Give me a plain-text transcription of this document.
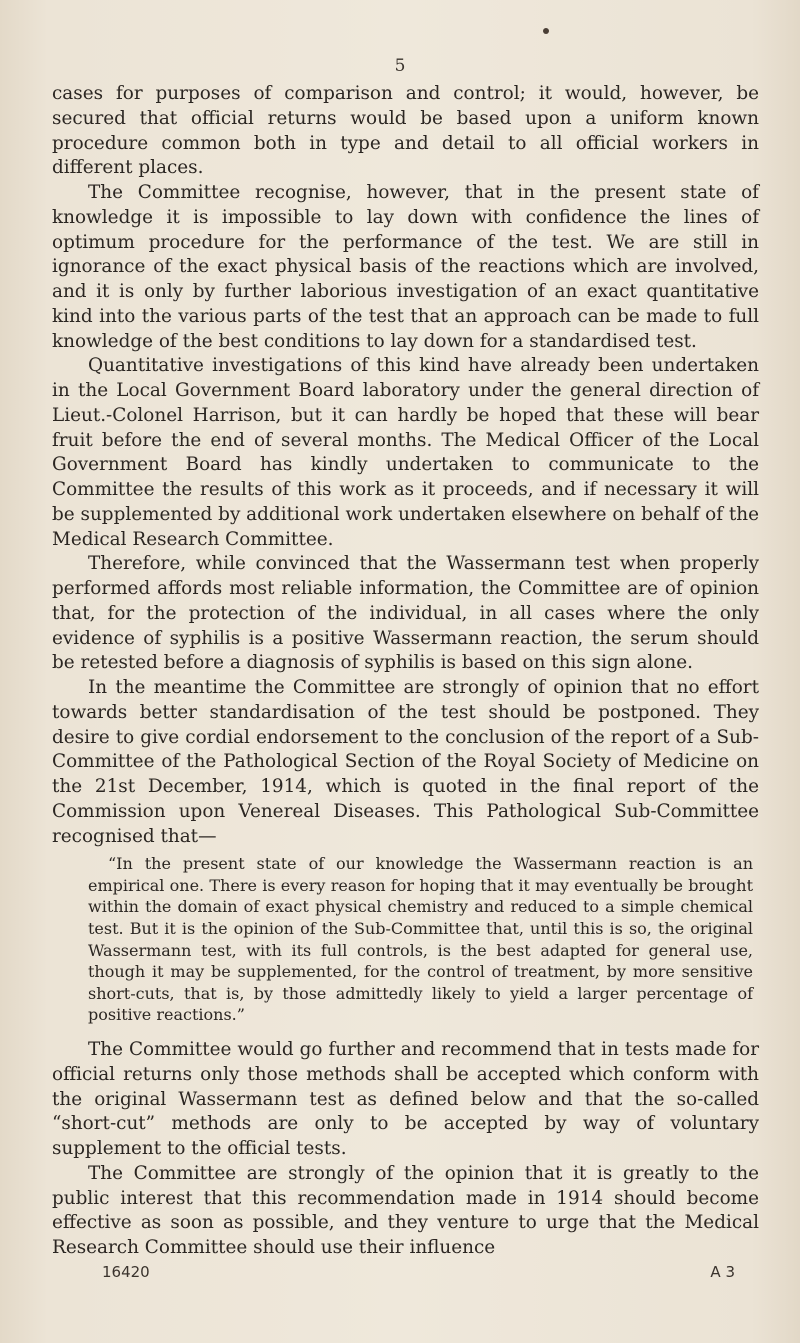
5

cases for purposes of comparison and control; it would, however, be secured that official returns would be based upon a uniform known procedure common both in type and detail to all official workers in different places.

The Committee recognise, however, that in the present state of knowledge it is impossible to lay down with confidence the lines of optimum procedure for the performance of the test. We are still in ignorance of the exact physical basis of the reactions which are involved, and it is only by further laborious investigation of an exact quantitative kind into the various parts of the test that an approach can be made to full knowledge of the best conditions to lay down for a standardised test.

Quantitative investigations of this kind have already been undertaken in the Local Government Board laboratory under the general direction of Lieut.-Colonel Harrison, but it can hardly be hoped that these will bear fruit before the end of several months. The Medical Officer of the Local Government Board has kindly undertaken to communicate to the Committee the results of this work as it proceeds, and if necessary it will be supplemented by additional work undertaken elsewhere on behalf of the Medical Research Committee.

Therefore, while convinced that the Wassermann test when properly performed affords most reliable information, the Committee are of opinion that, for the protection of the individual, in all cases where the only evidence of syphilis is a positive Wassermann reaction, the serum should be retested before a diagnosis of syphilis is based on this sign alone.

In the meantime the Committee are strongly of opinion that no effort towards better standardisation of the test should be postponed. They desire to give cordial endorsement to the conclusion of the report of a Sub-Committee of the Pathological Section of the Royal Society of Medicine on the 21st December, 1914, which is quoted in the final report of the Commission upon Venereal Diseases. This Pathological Sub-Committee recognised that—

“In the present state of our knowledge the Wassermann reaction is an empirical one. There is every reason for hoping that it may eventually be brought within the domain of exact physical chemistry and reduced to a simple chemical test. But it is the opinion of the Sub-Committee that, until this is so, the original Wassermann test, with its full controls, is the best adapted for general use, though it may be supplemented, for the control of treatment, by more sensitive short-cuts, that is, by those admittedly likely to yield a larger percentage of positive reactions.”

The Committee would go further and recommend that in tests made for official returns only those methods shall be accepted which conform with the original Wassermann test as defined below and that the so-called “short-cut” methods are only to be accepted by way of voluntary supplement to the official tests.

The Committee are strongly of the opinion that it is greatly to the public interest that this recommendation made in 1914 should become effective as soon as possible, and they venture to urge that the Medical Research Committee should use their influence

16420	A 3
